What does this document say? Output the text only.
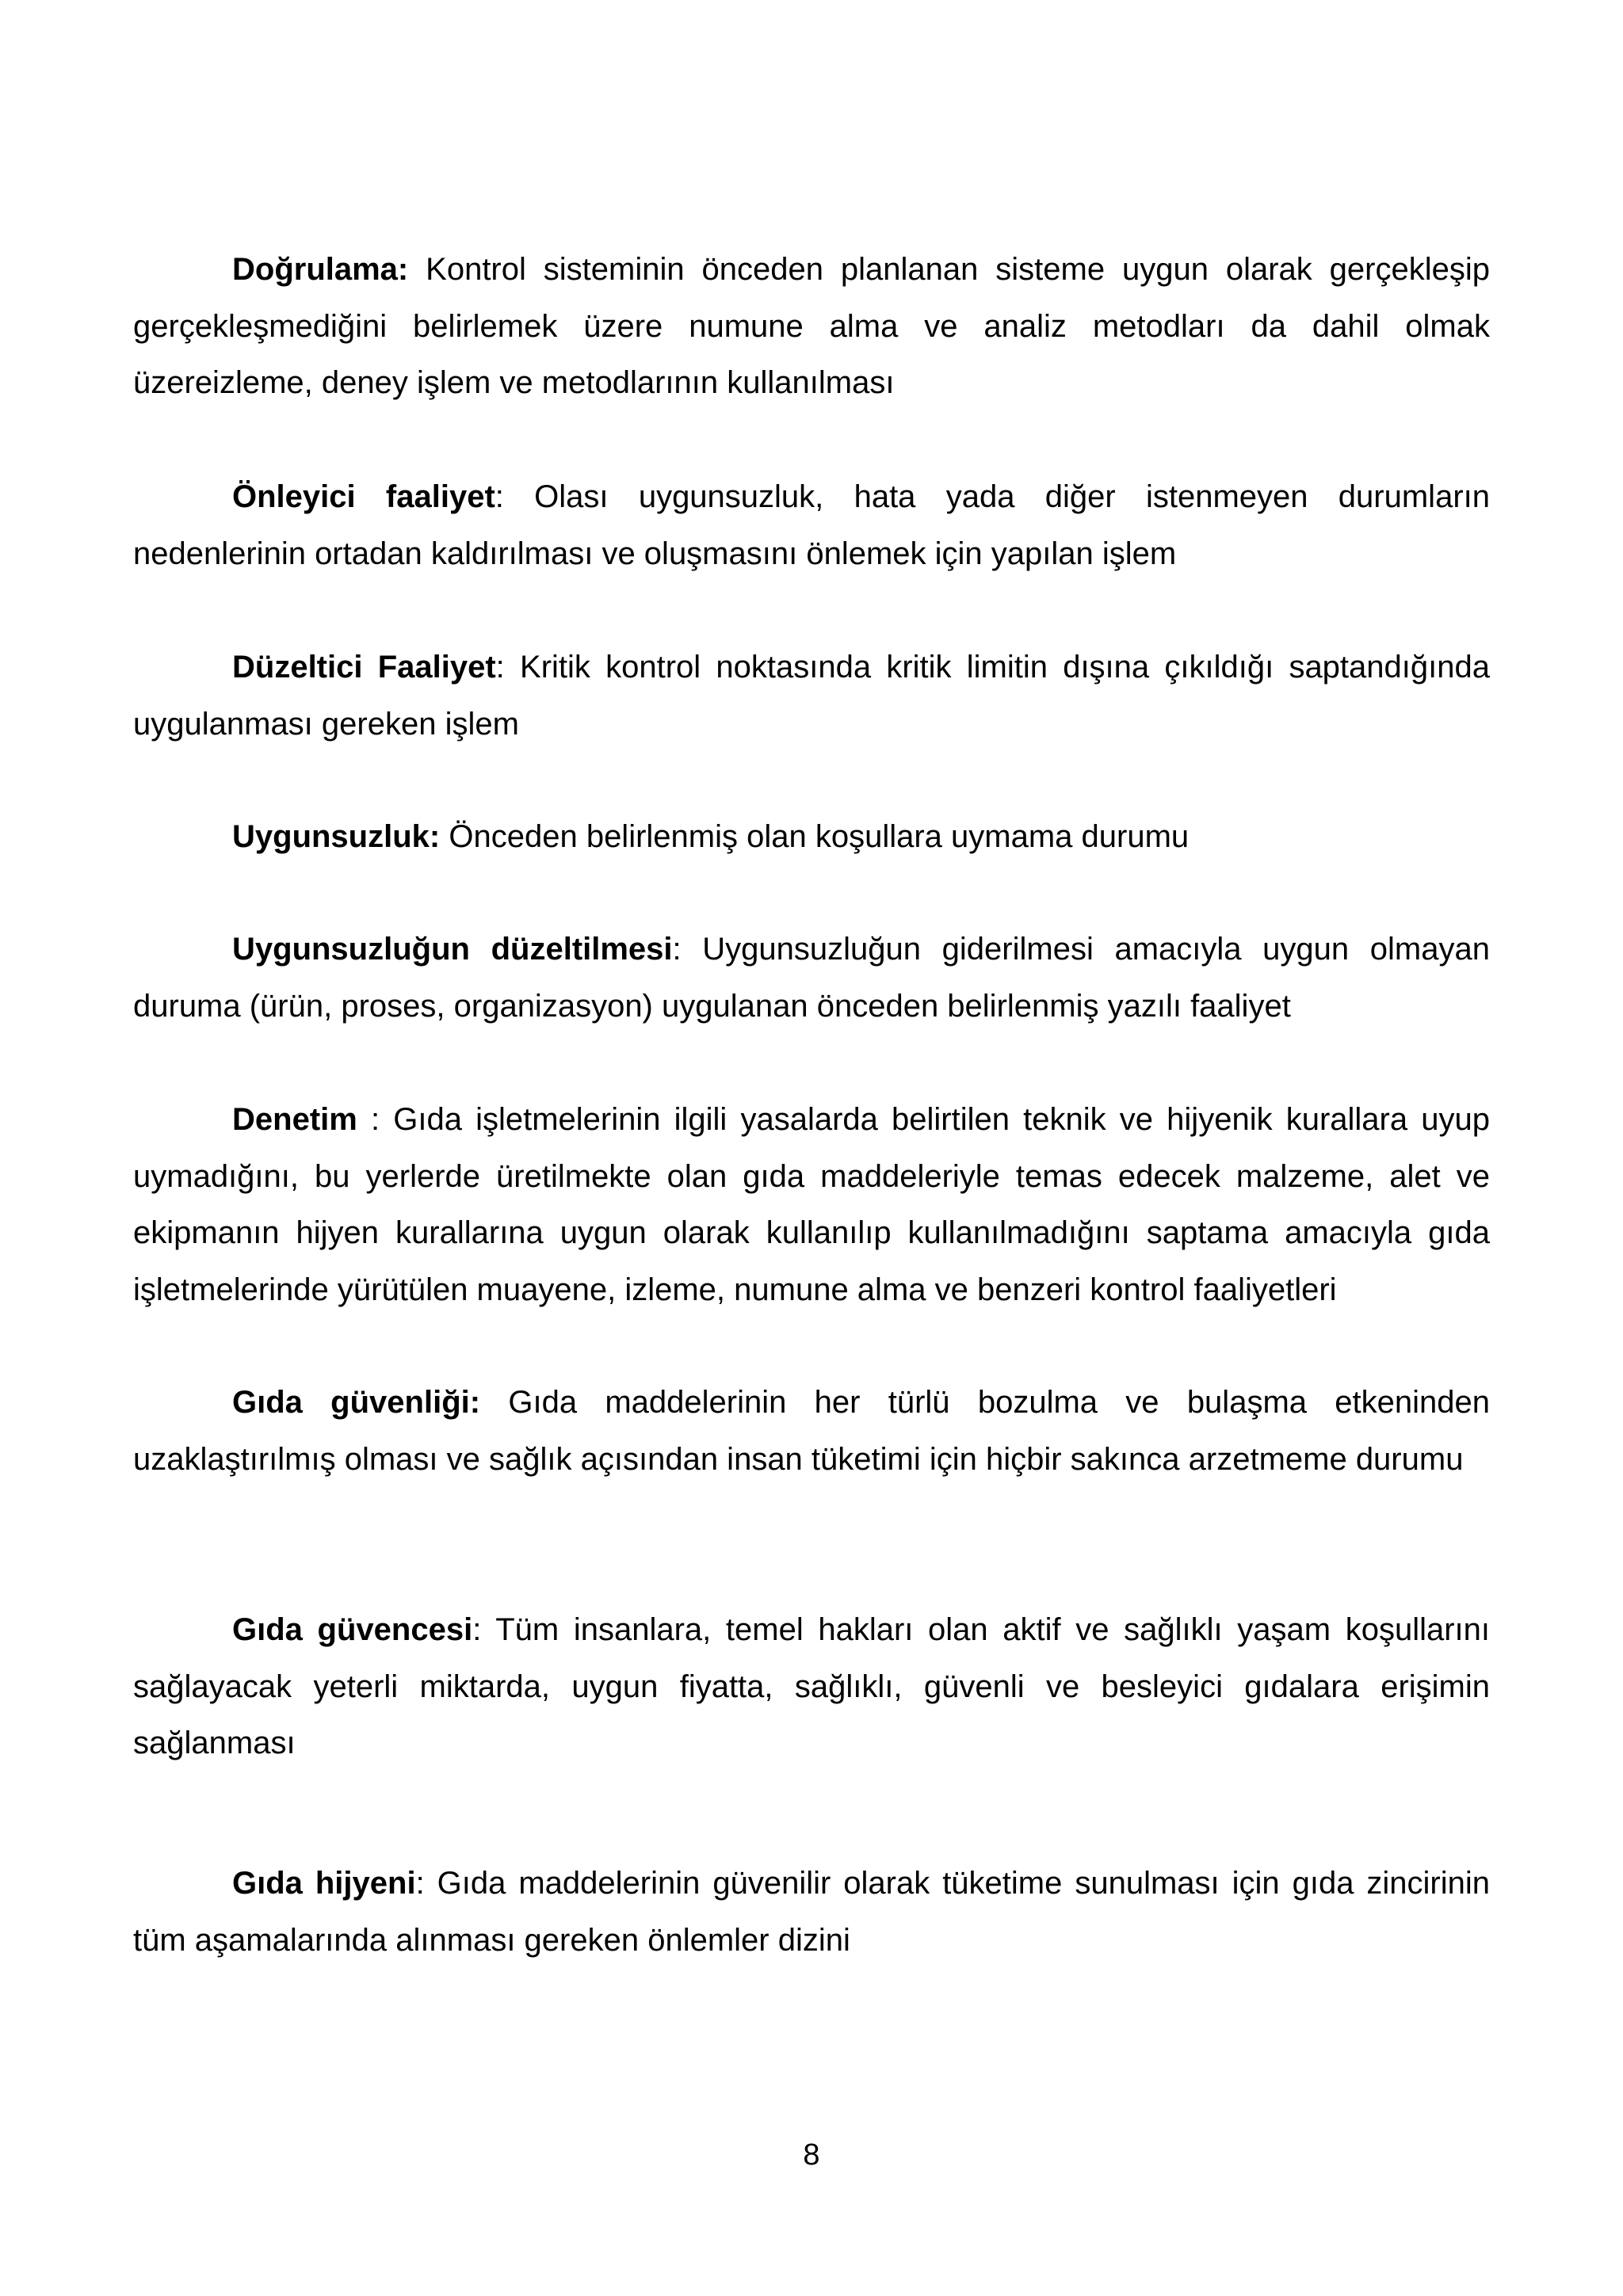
Doğrulama: Kontrol sisteminin önceden planlanan sisteme uygun olarak gerçekleşip gerçekleşmediğini belirlemek üzere numune alma ve analiz metodları da dahil olmak üzereizleme, deney işlem ve metodlarının kullanılması

Önleyici faaliyet: Olası uygunsuzluk, hata yada diğer istenmeyen durumların nedenlerinin ortadan kaldırılması ve oluşmasını önlemek için yapılan işlem

Düzeltici Faaliyet: Kritik kontrol noktasında kritik limitin dışına çıkıldığı saptandığında uygulanması gereken işlem

Uygunsuzluk: Önceden belirlenmiş olan koşullara uymama durumu

Uygunsuzluğun düzeltilmesi: Uygunsuzluğun giderilmesi amacıyla uygun olmayan duruma (ürün, proses, organizasyon) uygulanan önceden belirlenmiş yazılı faaliyet

Denetim : Gıda işletmelerinin ilgili yasalarda belirtilen teknik ve hijyenik kurallara uyup uymadığını, bu yerlerde üretilmekte olan gıda maddeleriyle temas edecek malzeme, alet ve ekipmanın hijyen kurallarına uygun olarak kullanılıp kullanılmadığını saptama amacıyla gıda işletmelerinde yürütülen muayene, izleme, numune alma ve benzeri kontrol faaliyetleri

Gıda güvenliği: Gıda maddelerinin her türlü bozulma ve bulaşma etkeninden uzaklaştırılmış olması ve sağlık açısından insan tüketimi için hiçbir sakınca arzetmeme durumu

Gıda güvencesi: Tüm insanlara, temel hakları olan aktif ve sağlıklı yaşam koşullarını sağlayacak yeterli miktarda, uygun fiyatta, sağlıklı, güvenli ve besleyici gıdalara erişimin sağlanması

Gıda hijyeni: Gıda maddelerinin güvenilir olarak tüketime sunulması için gıda zincirinin tüm aşamalarında alınması gereken önlemler dizini

8
